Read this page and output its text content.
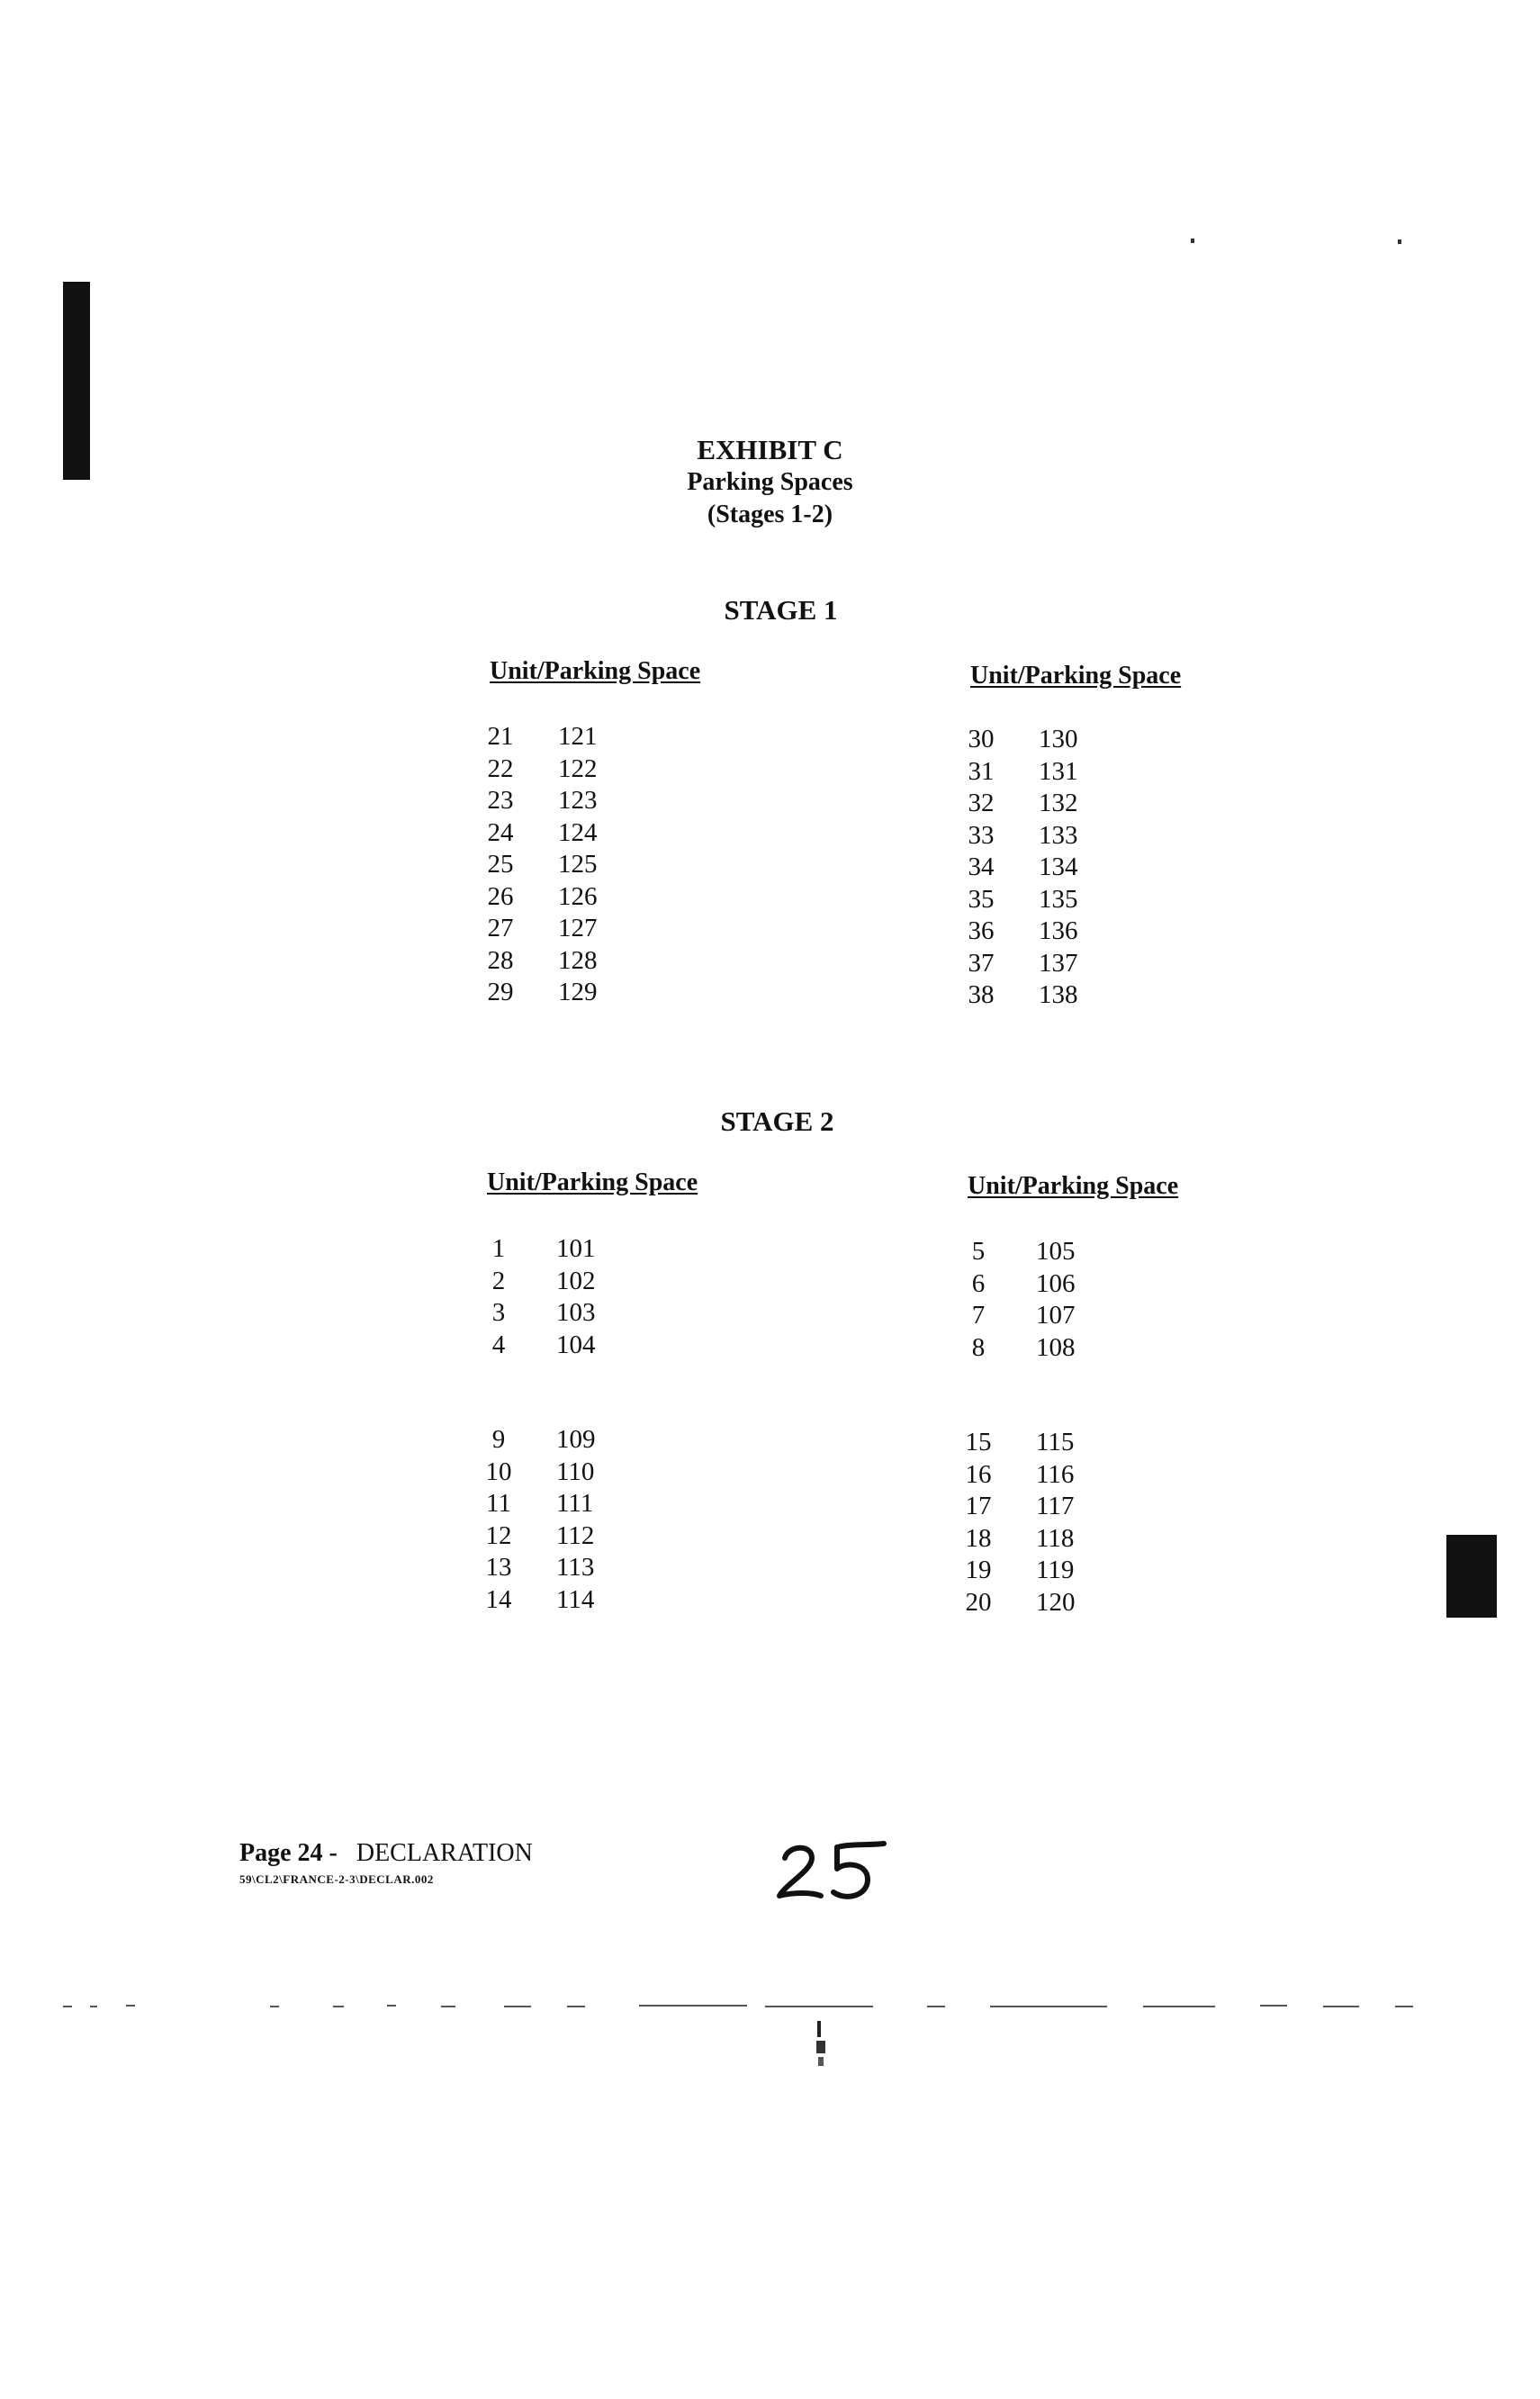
EXHIBIT C
Parking Spaces
(Stages 1-2)
STAGE 1
Unit/Parking Space	Unit/Parking Space
21	121
22	122
23	123
24	124
25	125
26	126
27	127
28	128
29	129
30	130
31	131
32	132
33	133
34	134
35	135
36	136
37	137
38	138
STAGE 2
Unit/Parking Space	Unit/Parking Space
1	101
2	102
3	103
4	104
5	105
6	106
7	107
8	108
9	109
10	110
11	111
12	112
13	113
14	114
15	115
16	116
17	117
18	118
19	119
20	120
Page 24 - DECLARATION
59\CL2\FRANCE-2-3\DECLAR.002
